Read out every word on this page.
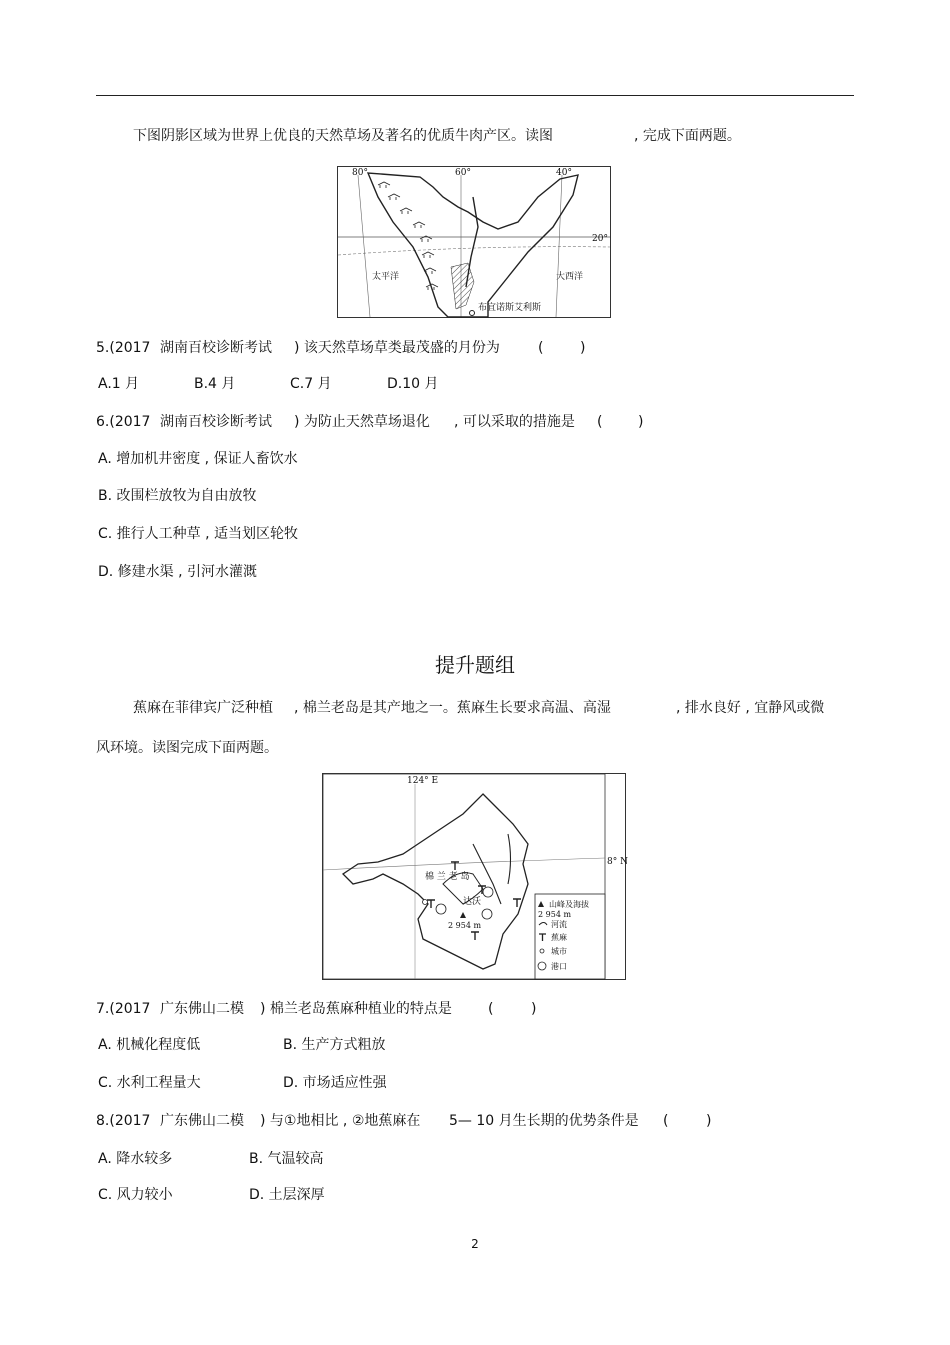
下图阴影区域为世界上优良的天然草场及著名的优质牛肉产区。读图	, 完成下面两题。
80°	60°	40°
20°
太平洋	大西洋
布宜诺斯艾利斯
5.(2017 湖南百校诊断考试 ) 该天然草场草类最茂盛的月份为	(	)
A.1 月	B.4 月	C.7 月	D.10 月
6.(2017 湖南百校诊断考试 ) 为防止天然草场退化 , 可以采取的措施是 (	)
A. 增加机井密度 , 保证人畜饮水
B. 改围栏放牧为自由放牧
C. 推行人工种草 , 适当划区轮牧
D. 修建水渠 , 引河水灌溉
提升题组
蕉麻在菲律宾广泛种植 , 棉兰老岛是其产地之一。蕉麻生长要求高温、高湿	, 排水良好 , 宜静风或微
风环境。读图完成下面两题。
124° E
8° N
棉 兰 老 岛
达沃
2 954 m
山峰及海拔
2 954 m
河流
蕉麻
城市
港口
7.(2017 广东佛山二模 ) 棉兰老岛蕉麻种植业的特点是	(	)
A. 机械化程度低	B. 生产方式粗放
C. 水利工程量大	D. 市场适应性强
8.(2017 广东佛山二模 ) 与①地相比 , ②地蕉麻在 5— 10 月生长期的优势条件是 (	)
A. 降水较多	B. 气温较高
C. 风力较小	D. 土层深厚
2
